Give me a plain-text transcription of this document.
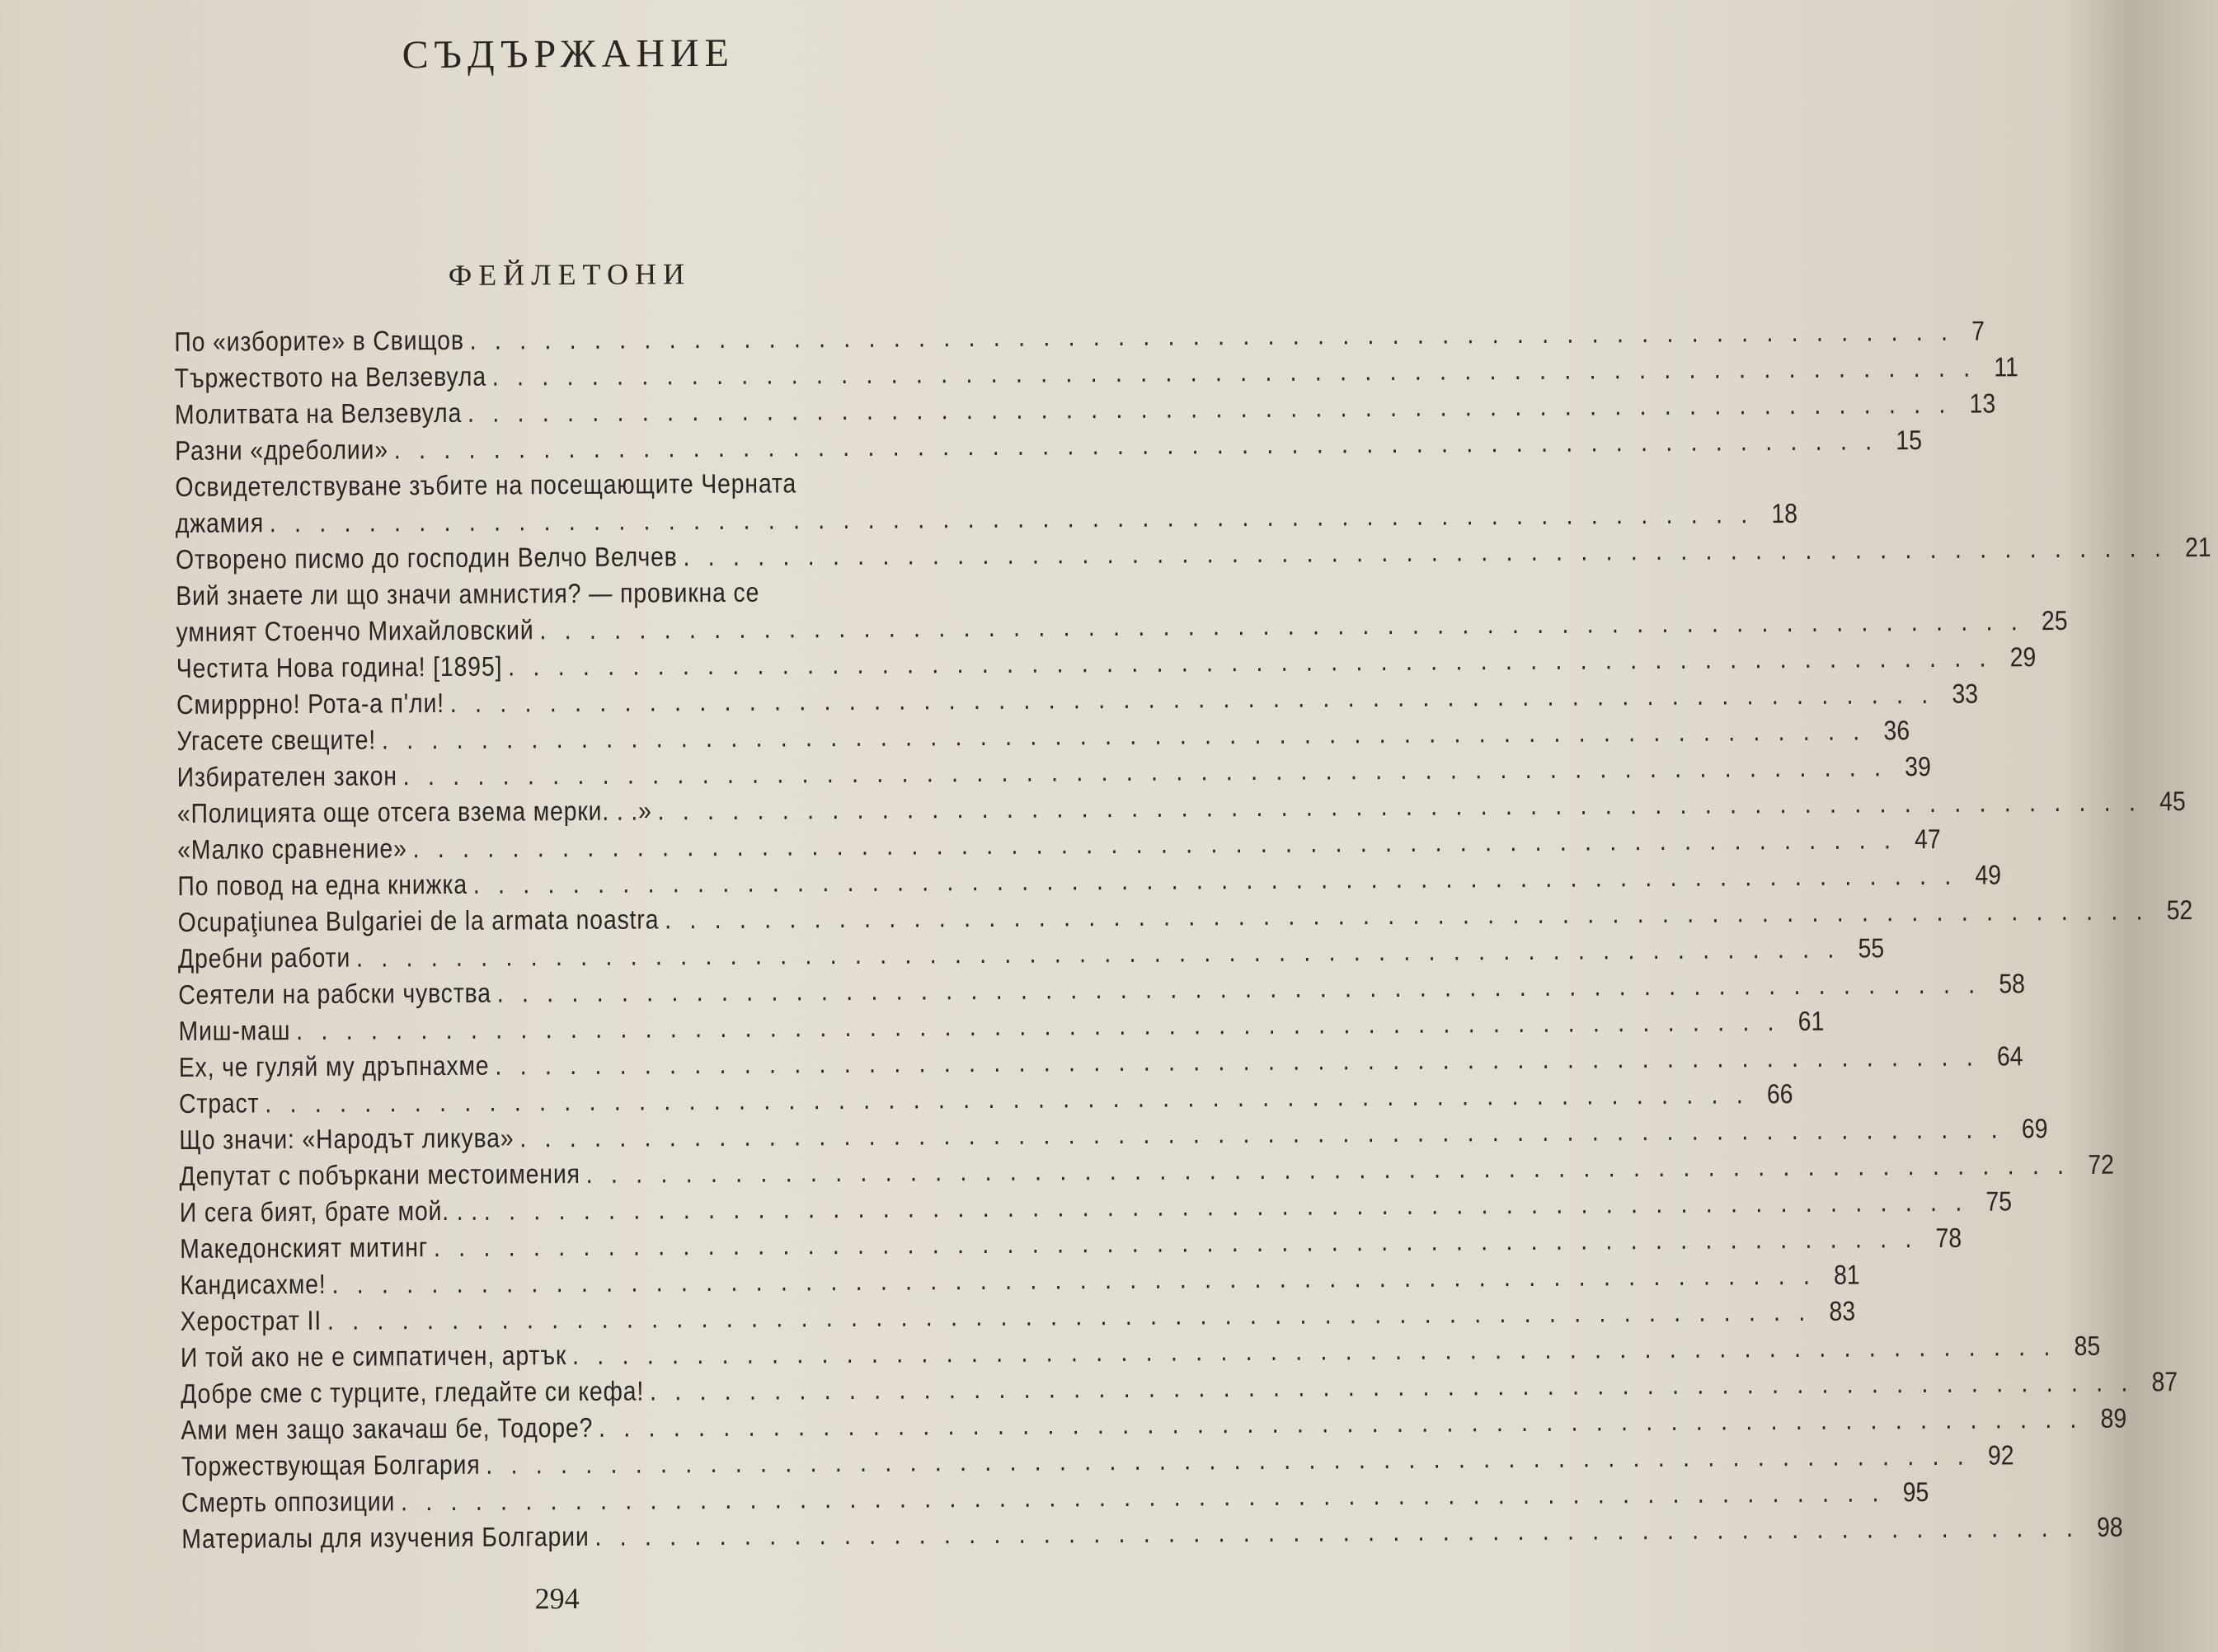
СЪДЪРЖАНИЕ
ФЕЙЛЕТОНИ
По «изборите» в Свищов ............................................................ 7
Тържеството на Велзевула ............................................................ 11
Молитвата на Велзевула ............................................................ 13
Разни «дреболии» ............................................................ 15
Освидетелствуване зъбите на посещающите Черната
джамия ............................................................ 18
Отворено писмо до господин Велчо Велчев ............................................................ 21
Вий знаете ли що значи амнистия? — провикна се
умният Стоенчо Михайловский ............................................................ 25
Честита Нова година! [1895] ............................................................ 29
Смирррно! Рота-а п'ли! ............................................................ 33
Угасете свещите! ............................................................ 36
Избирателен закон ............................................................ 39
«Полицията още отсега взема мерки. . .» ............................................................ 45
«Малко сравнение» ............................................................ 47
По повод на една книжка ............................................................ 49
Ocupaţiunea Bulgariei de la armata noastra ............................................................ 52
Дребни работи ............................................................ 55
Сеятели на рабски чувства ............................................................ 58
Миш-маш ............................................................ 61
Ех, че гуляй му дръпнахме ............................................................ 64
Страст ............................................................ 66
Що значи: «Народът ликува» ............................................................ 69
Депутат с побъркани местоимения ............................................................ 72
И сега бият, брате мой. . . ............................................................ 75
Македонският митинг ............................................................ 78
Кандисахме! ............................................................ 81
Херострат II ............................................................ 83
И той ако не е симпатичен, артък ............................................................ 85
Добре сме с турците, гледайте си кефа! ............................................................ 87
Ами мен защо закачаш бе, Тодоре? ............................................................ 89
Торжествующая Болгария ............................................................ 92
Смерть оппозиции ............................................................ 95
Материалы для изучения Болгарии ............................................................ 98
294
